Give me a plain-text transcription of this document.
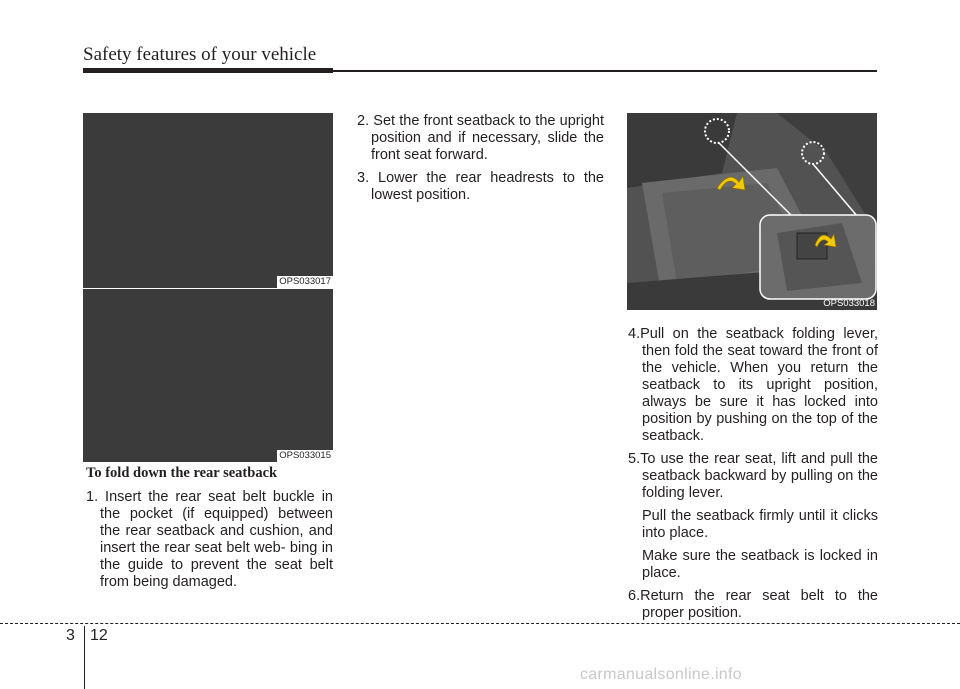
Safety features of your vehicle
OPS033017
OPS033015
OPS033018
To fold down the rear seatback

1. Insert the rear seat belt buckle in the pocket (if equipped) between the rear seatback and cushion, and insert the rear seat belt web- bing in the guide to prevent the seat belt from being damaged.

2. Set the front seatback to the upright position and if necessary, slide the front seat forward.

3. Lower the rear headrests to the lowest position.

4.Pull on the seatback folding lever, then fold the seat toward the front of the vehicle. When you return the seatback to its upright position, always be sure it has locked into position by pushing on the top of the seatback.

5.To use the rear seat, lift and pull the seatback backward by pulling on the folding lever.

Pull the seatback firmly until it clicks into place.

Make sure the seatback is locked in place.

6.Return the rear seat belt to the proper position.

3 12
carmanualsonline.info
